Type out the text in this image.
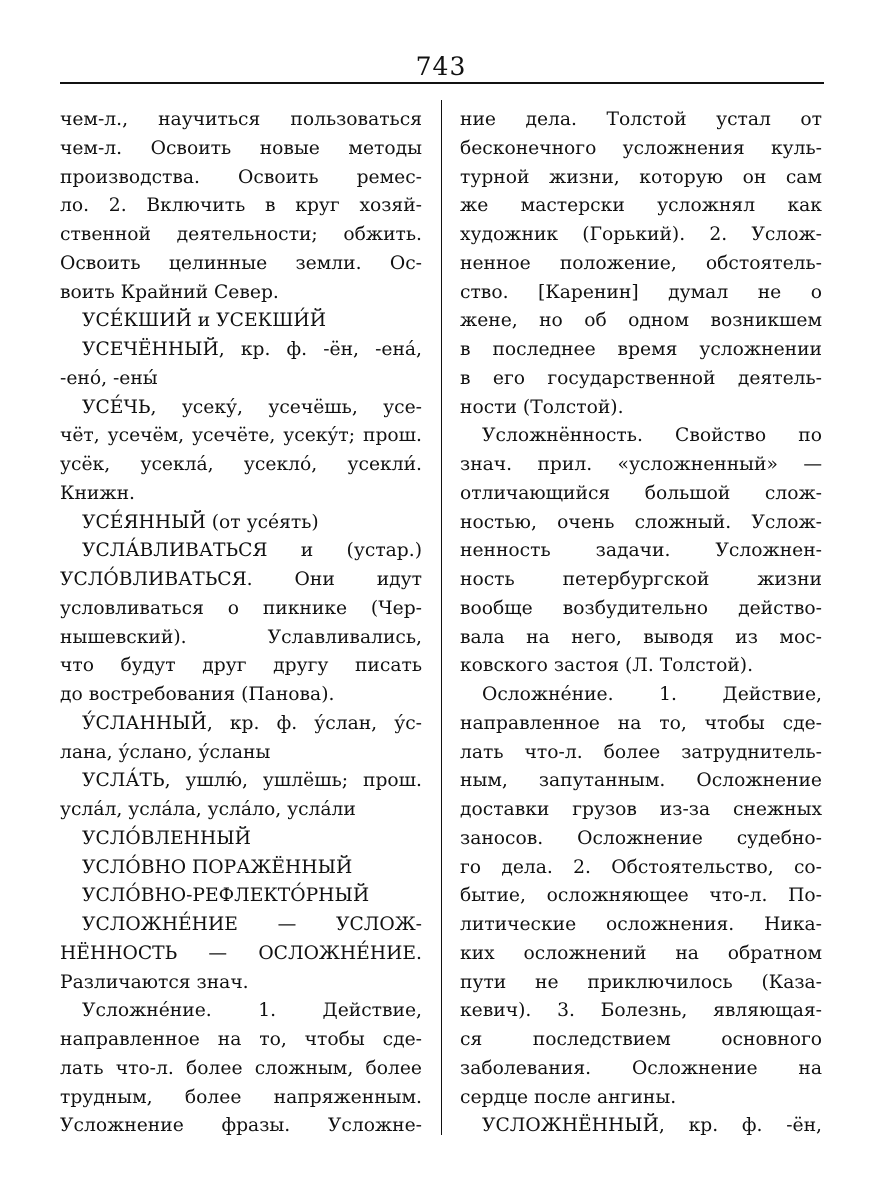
743
чем-л., научиться пользоваться
чем-л. Освоить новые методы
производства. Освоить ремес-
ло. 2. Включить в круг хозяй-
ственной деятельности; обжить.
Освоить целинные земли. Ос-
воить Крайний Север.
УСЕ́КШИЙ и УСЕКШИ́Й
УСЕЧЁННЫЙ, кр. ф. -ён, -ена́,
-ено́, -ены́
УСЕ́ЧЬ, усеку́, усечёшь, усе-
чёт, усечём, усечёте, усеку́т; прош.
усёк, усекла́, усекло́, усекли́.
Книжн.
УСЕ́ЯННЫЙ (от усе́ять)
УСЛА́ВЛИВАТЬСЯ и (устар.)
УСЛО́ВЛИВАТЬСЯ. Они идут
условливаться о пикнике (Чер-
нышевский). Уславливались,
что будут друг другу писать
до востребования (Панова).
У́СЛАННЫЙ, кр. ф. у́слан, у́с-
лана, у́слано, у́сланы
УСЛА́ТЬ, ушлю́, ушлёшь; прош.
усла́л, усла́ла, усла́ло, усла́ли
УСЛО́ВЛЕННЫЙ
УСЛО́ВНО ПОРАЖЁННЫЙ
УСЛО́ВНО-РЕФЛЕКТО́РНЫЙ
УСЛОЖНЕ́НИЕ — УСЛОЖ-
НЁННОСТЬ — ОСЛОЖНЕ́НИЕ.
Различаются знач.
Усложне́ние. 1. Действие,
направленное на то, чтобы сде-
лать что-л. более сложным, более
трудным, более напряженным.
Усложнение фразы. Усложне-
ние дела. Толстой устал от
бесконечного усложнения куль-
турной жизни, которую он сам
же мастерски усложнял как
художник (Горький). 2. Услож-
ненное положение, обстоятель-
ство. [Каренин] думал не о
жене, но об одном возникшем
в последнее время усложнении
в его государственной деятель-
ности (Толстой).
Усложнённость. Свойство по
знач. прил. «усложненный» —
отличающийся большой слож-
ностью, очень сложный. Услож-
ненность задачи. Усложнен-
ность петербургской жизни
вообще возбудительно действо-
вала на него, выводя из мос-
ковского застоя (Л. Толстой).
Осложне́ние. 1. Действие,
направленное на то, чтобы сде-
лать что-л. более затруднитель-
ным, запутанным. Осложнение
доставки грузов из-за снежных
заносов. Осложнение судебно-
го дела. 2. Обстоятельство, со-
бытие, осложняющее что-л. По-
литические осложнения. Ника-
ких осложнений на обратном
пути не приключилось (Каза-
кевич). 3. Болезнь, являющая-
ся последствием основного
заболевания. Осложнение на
сердце после ангины.
УСЛОЖНЁННЫЙ, кр. ф. -ён,
